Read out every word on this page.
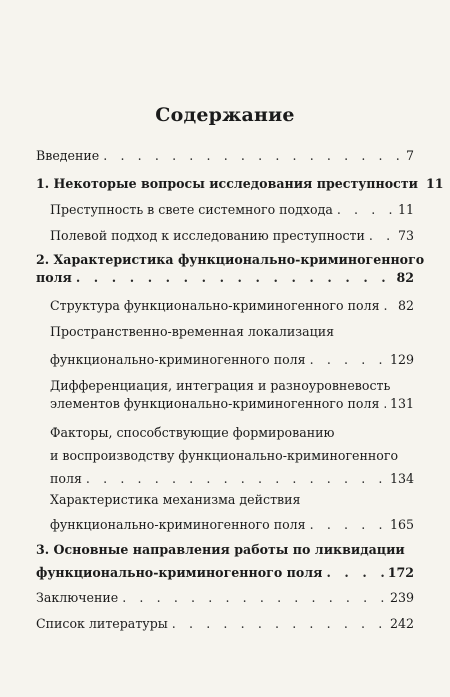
Содержание
Введение . . .	7
1. Некоторые вопросы исследования преступности 11
Преступность в свете системного подхода . . .	11
Полевой подход к исследованию преступности . . .	73
2. Характеристика функционально-криминогенного
поля . . .	82
Структура функционально-криминогенного поля . . . 82
Пространственно-временная локализация
функционально-криминогенного поля . . .	129
Дифференциация, интеграция и разноуровневость
элементов функционально-криминогенного поля . . . 131
Факторы, способствующие формированию
и воспроизводству функционально-криминогенного
поля . . .	134
Характеристика механизма действия
функционально-криминогенного поля . . .	165
3. Основные направления работы по ликвидации
функционально-криминогенного поля . . .	172
Заключение . . .	239
Список литературы . . .	242
